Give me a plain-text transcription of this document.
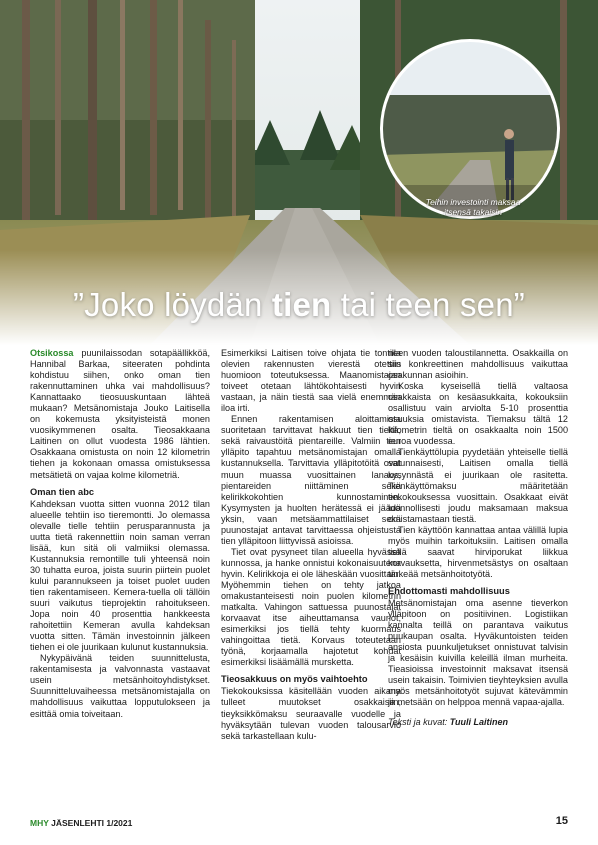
Teihin investointi maksaa itsensä takaisin
”Joko löydän tien tai teen sen”

Otsikossa puunilaissodan sotapäällikköä, Hannibal Barkaa, siteeraten pohdinta kohdistuu siihen, onko oman tien rakennuttaminen uhka vai mahdollisuus? Kannattaako tieosuuskuntaan lähteä mukaan? Metsänomistaja Jouko Laitisella on kokemusta yksityisteistä monen vuosikymmenen osalta. Tieosakkaana Laitinen on ollut vuodesta 1986 lähtien. Osakkaana omistusta on noin 12 kilometrin tiehen ja kokonaan omassa omistuksessa metsätietä on vajaa kolme kilometriä.

Oman tien abc

Kahdeksan vuotta sitten vuonna 2012 tilan alueelle tehtiin iso tieremontti. Jo olemassa olevalle tielle tehtiin perusparannusta ja uutta tietä rakennettiin noin saman verran lisää, kun sitä oli valmiiksi olemassa. Kustannuksia remontille tuli yhteensä noin 30 tuhatta euroa, joista suurin piirtein puolet kului parannukseen ja toiset puolet uuden tien rakentamiseen. Kemera-tuella oli tällöin suuri vaikutus tieprojektin rahoitukseen. Jopa noin 40 prosenttia hankkeesta rahoitettiin Kemeran avulla kahdeksan vuotta sitten. Tämän investoinnin jälkeen tiehen ei ole juurikaan kulunut kustannuksia.

Nykypäivänä teiden suunnittelusta, rakentamisesta ja valvonnasta vastaavat usein metsänhoitoyhdistykset. Suunnitteluvaiheessa metsänomistajalla on mahdollisuus vaikuttaa lopputulokseen ja esittää omia toiveitaan.

Esimerkiksi Laitisen toive ohjata tie tontilla olevien rakennusten vierestä otettiin huomioon toteutuksessa. Maanomistajan toiveet otetaan lähtökohtaisesti hyvin vastaan, ja näin tiestä saa vielä enemmän iloa irti.

Ennen rakentamisen aloittamista suoritetaan tarvittavat hakkuut tien tieltä, sekä raivaustöitä pientareille. Valmiin tien ylläpito tapahtuu metsänomistajan omalla kustannuksella. Tarvittavia ylläpitotöitä ovat muun muassa vuosittainen lanaus, pientareiden niittäminen sekä kelirikkokohtien kunnostaminen. Kysymysten ja huolten herätessä ei jäädä yksin, vaan metsäammattilaiset sekä puunostajat antavat tarvittaessa ohjeistusta tien ylläpitoon liittyvissä asioissa.

Tiet ovat pysyneet tilan alueella hyvässä kunnossa, ja hanke onnistui kokonaisuutena hyvin. Kelirikkoja ei ole läheskään vuosittain. Myöhemmin tiehen on tehty jatkoa omakustanteisesti noin puolen kilometrin matkalta. Vahingon sattuessa puunostajat korvaavat itse aiheuttamansa vauriot, esimerkiksi jos tiellä tehty kuormaus vahingoittaa tietä. Korvaus toteutetaan työnä, korjaamalla hajotetut kohdat esimerkiksi lisäämällä mursketta.

Tieosakkuus on myös vaihtoehto

Tiekokouksissa käsitellään vuoden aikana tulleet muutokset osakkaisiin, tieyksikkömaksu seuraavalle vuodelle ja hyväksytään tulevan vuoden talousarvio sekä tarkastellaan kulu-

neen vuoden taloustilannetta. Osakkailla on siis konkreettinen mahdollisuus vaikuttaa osakunnan asioihin.

Koska kyseisellä tiellä valtaosa osakkaista on kesäasukkaita, kokouksiin osallistuu vain arviolta 5-10 prosenttia osuuksia omistavista. Tiemaksu tältä 12 kilometrin tieltä on osakkaalta noin 1500 euroa vuodessa.

Tienkäyttölupia pyydetään yhteiselle tiellä satunnaisesti, Laitisen omalla tiellä kysynnästä ei juurikaan ole rasitetta. Tienkäyttömaksu määritetään tiekokouksessa vuosittain. Osakkaat eivät luonnollisesti joudu maksamaan maksua omistamastaan tiestä.

Tien käyttöön kannattaa antaa välillä lupia myös muihin tarkoituksiin. Laitisen omalla tiellä saavat hirviporukat liikkua korvauksetta, hirvenmetsästys on osaltaan tärkeää metsänhoitotyötä.

Ehdottomasti mahdollisuus

Metsänomistajan oma asenne tieverkon ylläpitoon on positiivinen. Logistiikan kannalta teillä on parantava vaikutus puukaupan osalta. Hyväkuntoisten teiden ansiosta puunkuljetukset onnistuvat talvisin ja kesäisin kuivilla keleillä ilman murheita. Tieasioissa investoinnit maksavat itsensä usein takaisin. Toimivien tieyhteyksien avulla myös metsänhoitotyöt sujuvat kätevämmin ja metsään on helppoa mennä vapaa-ajalla.

Teksti ja kuvat: Tuuli Laitinen

MHY JÄSENLEHTI 1/2021	15
